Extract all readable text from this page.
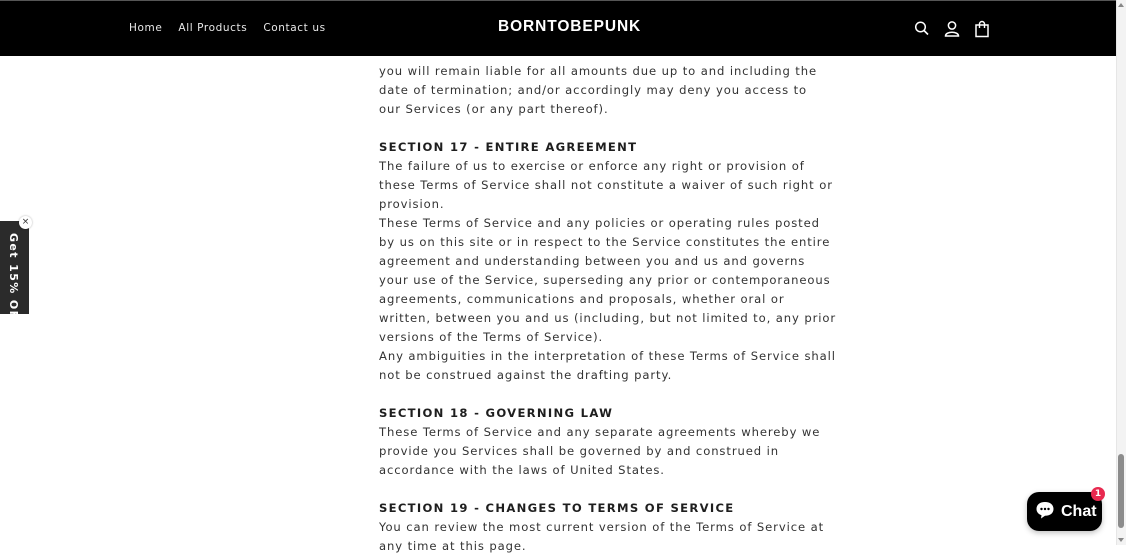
you will remain liable for all amounts due up to and including the

date of termination; and/or accordingly may deny you access to

our Services (or any part thereof).

SECTION 17 - ENTIRE AGREEMENT

The failure of us to exercise or enforce any right or provision of

these Terms of Service shall not constitute a waiver of such right or

provision.

These Terms of Service and any policies or operating rules posted

by us on this site or in respect to the Service constitutes the entire

agreement and understanding between you and us and governs

your use of the Service, superseding any prior or contemporaneous

agreements, communications and proposals, whether oral or

written, between you and us (including, but not limited to, any prior

versions of the Terms of Service).

Any ambiguities in the interpretation of these Terms of Service shall

not be construed against the drafting party.

SECTION 18 - GOVERNING LAW

These Terms of Service and any separate agreements whereby we

provide you Services shall be governed by and construed in

accordance with the laws of United States.

SECTION 19 - CHANGES TO TERMS OF SERVICE

You can review the most current version of the Terms of Service at

any time at this page.

Home All Products Contact us	BORNTOBEPUNK
Get 15% OFF
×
Chat
1
